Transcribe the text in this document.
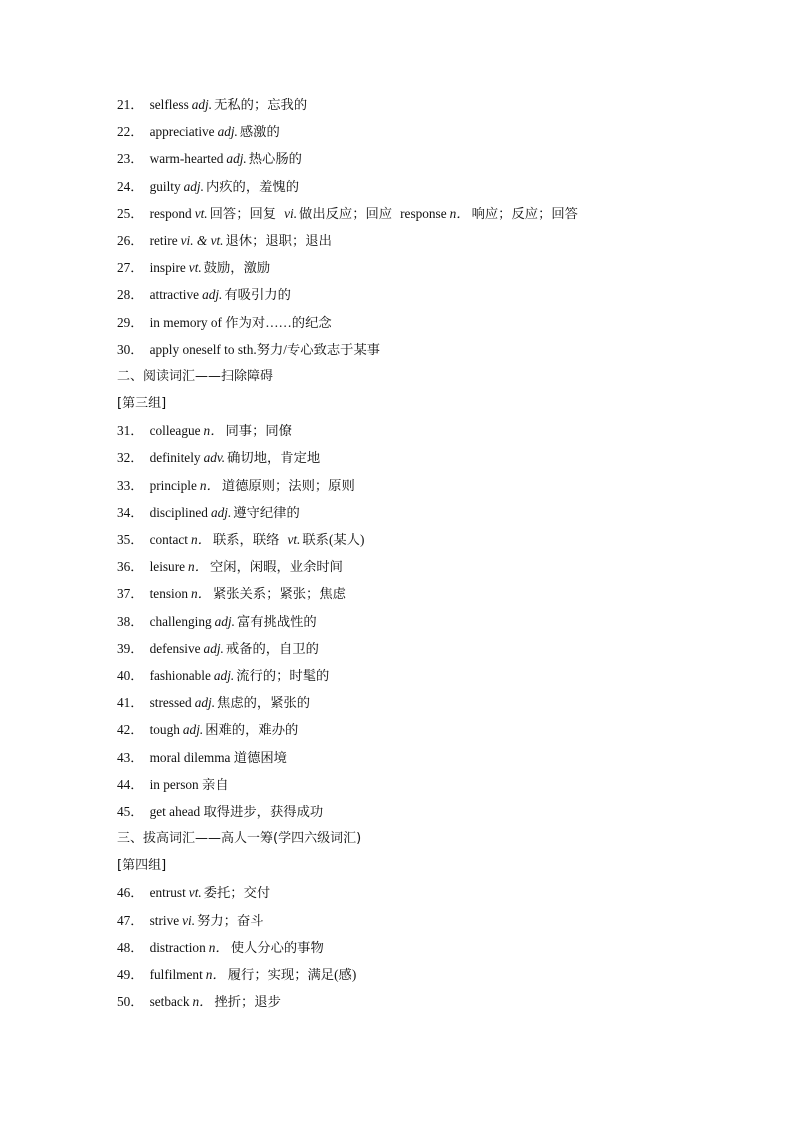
21． selfless adj. 无私的；忘我的
22． appreciative adj. 感激的
23． warm-hearted adj. 热心肠的
24． guilty adj. 内疚的，羞愧的
25． respond vt. 回答；回复 vi. 做出反应；回应 response n． 响应；反应；回答
26． retire vi. & vt. 退休；退职；退出
27． inspire vt. 鼓励，激励
28． attractive adj. 有吸引力的
29． in memory of 作为对……的纪念
30． apply oneself to sth.努力/专心致志于某事
二、阅读词汇——扫除障碍
[第三组]
31． colleague n． 同事；同僚
32． definitely adv. 确切地，肯定地
33． principle n． 道德原则；法则；原则
34． disciplined adj. 遵守纪律的
35． contact n． 联系，联络 vt. 联系(某人)
36． leisure n． 空闲，闲暇，业余时间
37． tension n． 紧张关系；紧张；焦虑
38． challenging adj. 富有挑战性的
39． defensive adj. 戒备的，自卫的
40． fashionable adj. 流行的；时髦的
41． stressed adj. 焦虑的，紧张的
42． tough adj. 困难的，难办的
43． moral dilemma 道德困境
44． in person 亲自
45． get ahead 取得进步，获得成功
三、拔高词汇——高人一筹(学四六级词汇)
[第四组]
46． entrust vt. 委托；交付
47． strive vi. 努力；奋斗
48． distraction n． 使人分心的事物
49． fulfilment n． 履行；实现；满足(感)
50． setback n． 挫折；退步
